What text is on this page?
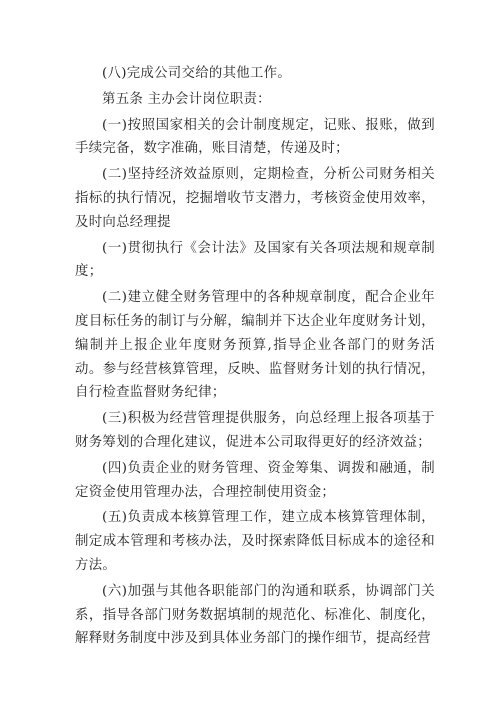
(八)完成公司交给的其他工作。

第五条 主办会计岗位职责：

(一)按照国家相关的会计制度规定，记账、报账，做到手续完备，数字准确，账目清楚，传递及时；

(二)坚持经济效益原则，定期检查，分析公司财务相关指标的执行情况，挖掘增收节支潜力，考核资金使用效率，及时向总经理提

(一)贯彻执行《会计法》及国家有关各项法规和规章制度；

(二)建立健全财务管理中的各种规章制度，配合企业年度目标任务的制订与分解，编制并下达企业年度财务计划，编制并上报企业年度财务预算,指导企业各部门的财务活动。参与经营核算管理，反映、监督财务计划的执行情况，自行检查监督财务纪律；

(三)积极为经营管理提供服务，向总经理上报各项基于财务筹划的合理化建议，促进本公司取得更好的经济效益；

(四)负责企业的财务管理、资金筹集、调拨和融通，制定资金使用管理办法，合理控制使用资金；

(五)负责成本核算管理工作，建立成本核算管理体制，制定成本管理和考核办法，及时探索降低目标成本的途径和方法。

(六)加强与其他各职能部门的沟通和联系，协调部门关系，指导各部门财务数据填制的规范化、标准化、制度化，解释财务制度中涉及到具体业务部门的操作细节，提高经营
